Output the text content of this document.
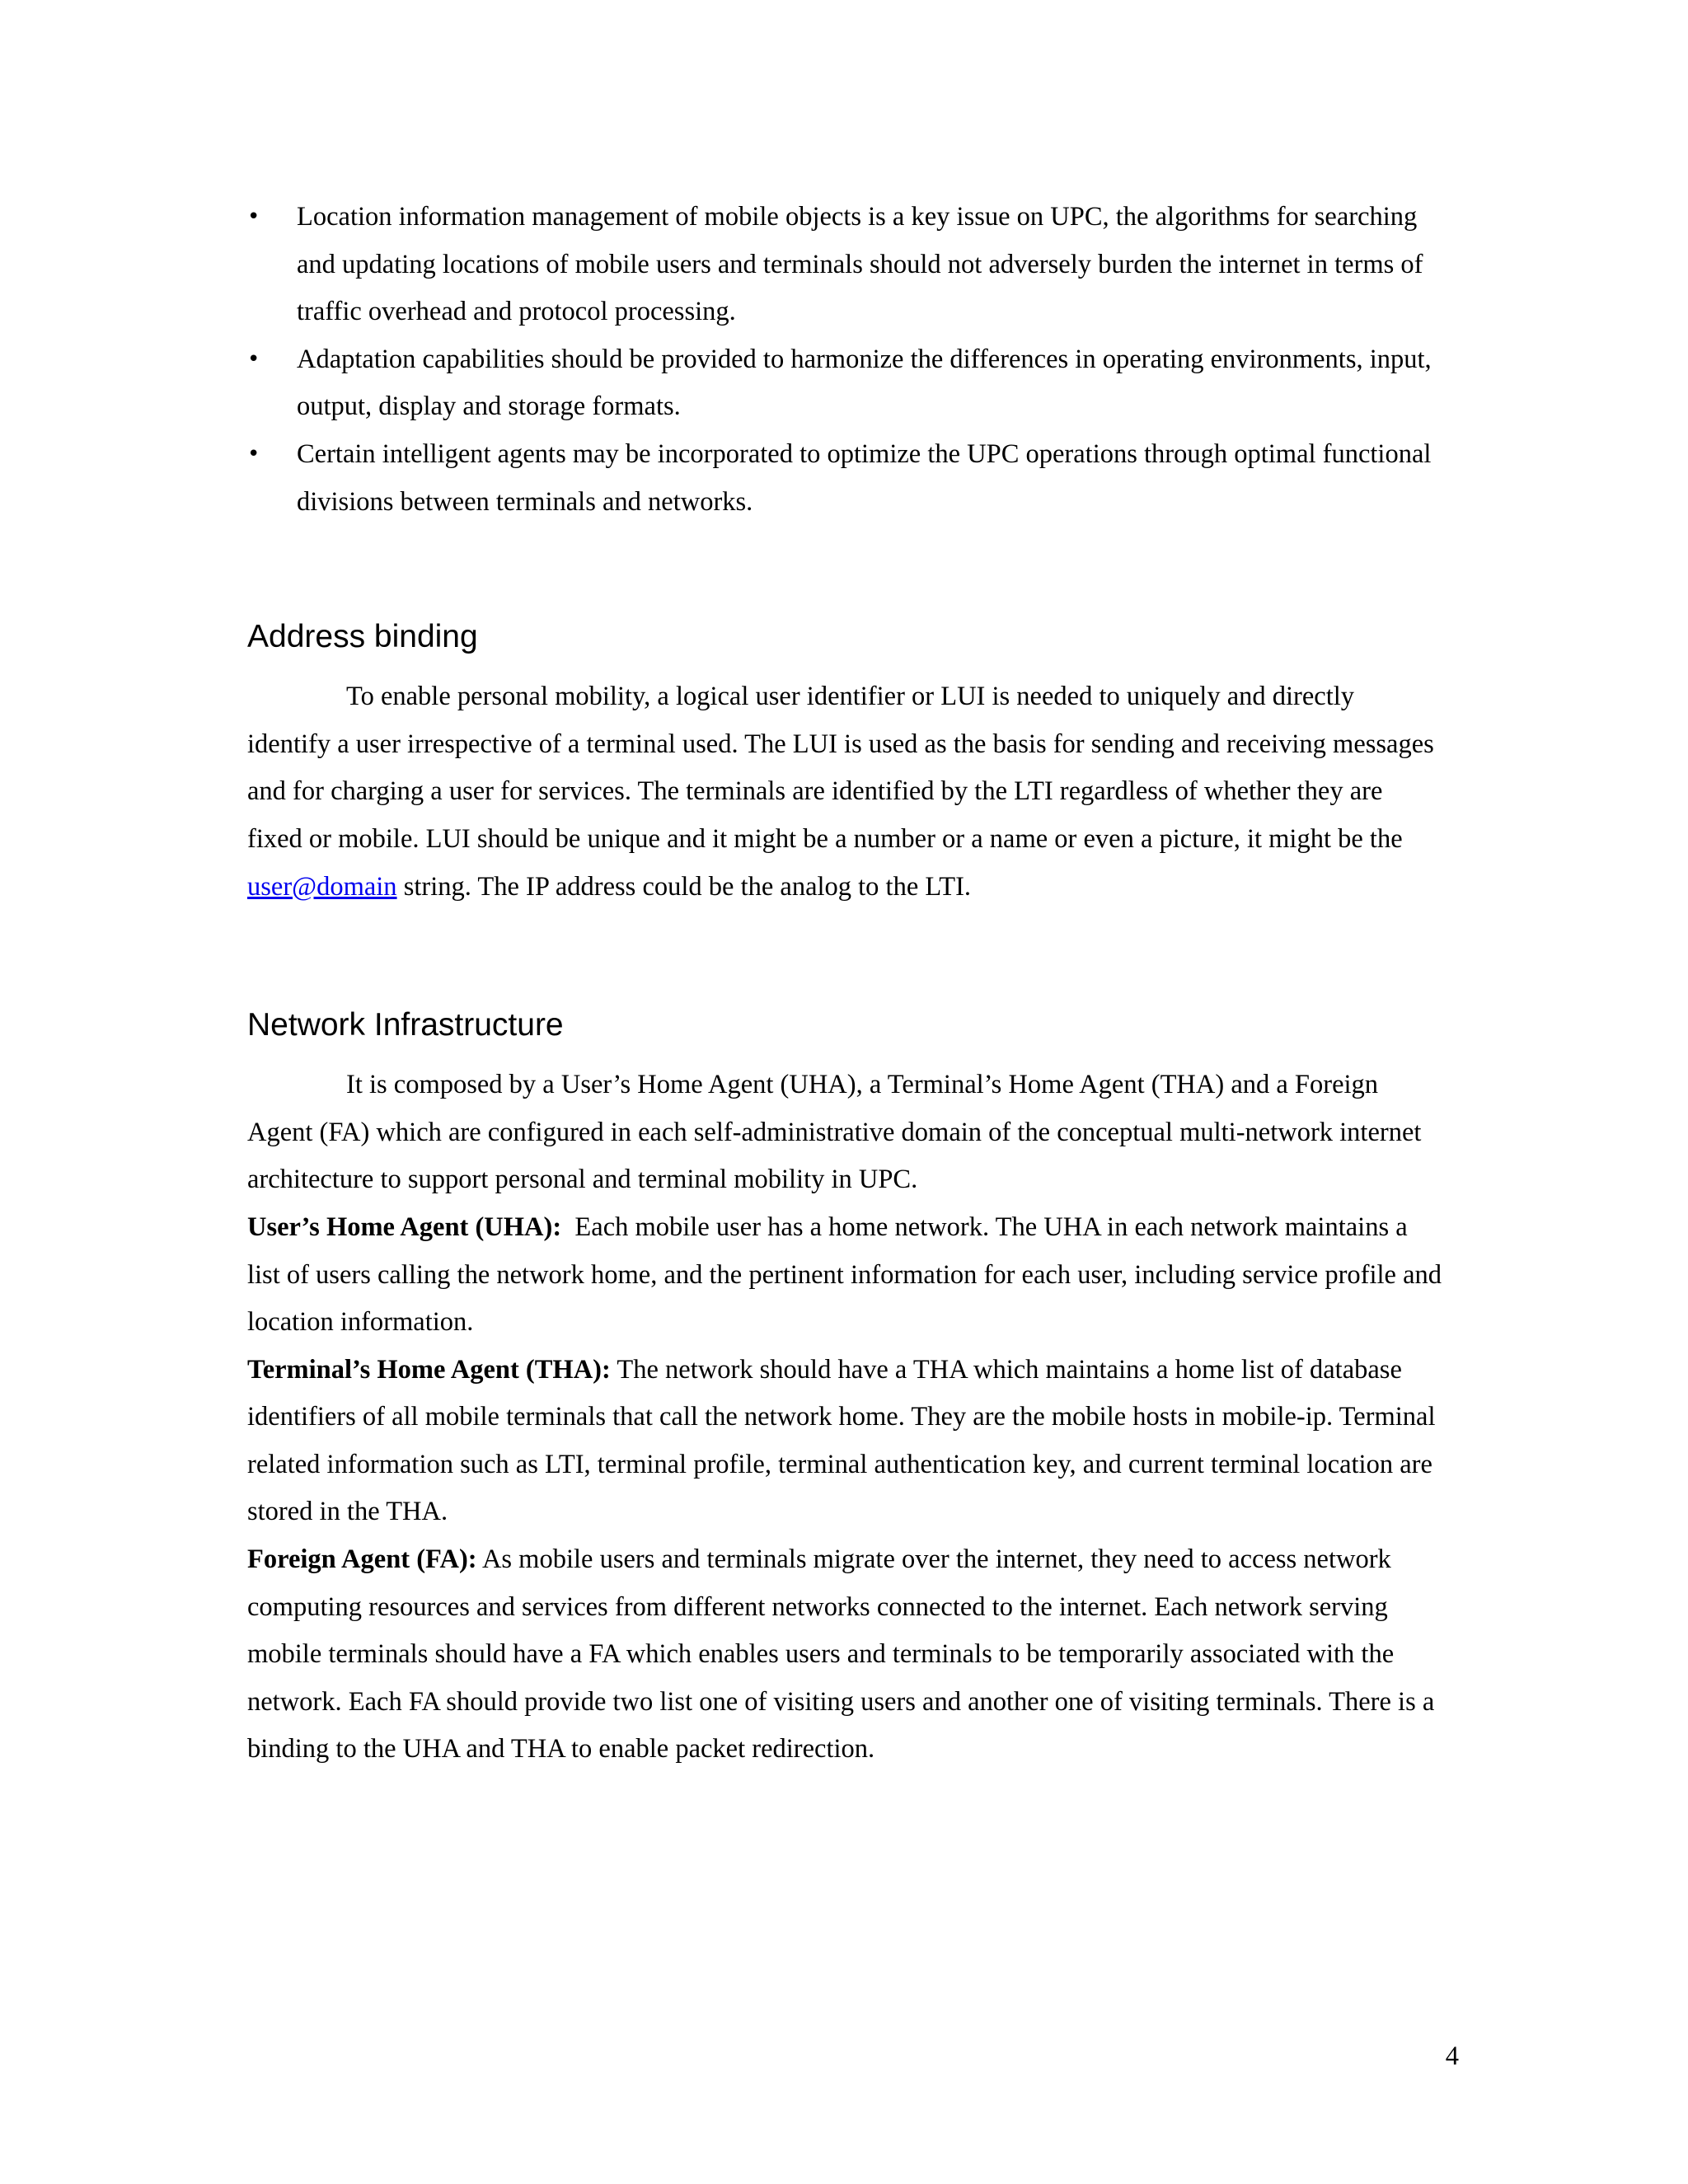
• Location information management of mobile objects is a key issue on UPC, the algorithms for searching and updating locations of mobile users and terminals should not adversely burden the internet in terms of traffic overhead and protocol processing.
• Adaptation capabilities should be provided to harmonize the differences in operating environments, input, output, display and storage formats.
• Certain intelligent agents may be incorporated to optimize the UPC operations through optimal functional divisions between terminals and networks.
Address binding

To enable personal mobility, a logical user identifier or LUI is needed to uniquely and directly identify a user irrespective of a terminal used. The LUI is used as the basis for sending and receiving messages and for charging a user for services. The terminals are identified by the LTI regardless of whether they are fixed or mobile. LUI should be unique and it might be a number or a name or even a picture, it might be the user@domain string. The IP address could be the analog to the LTI.

Network Infrastructure

It is composed by a User’s Home Agent (UHA), a Terminal’s Home Agent (THA) and a Foreign Agent (FA) which are configured in each self-administrative domain of the conceptual multi-network internet architecture to support personal and terminal mobility in UPC.

User’s Home Agent (UHA):  Each mobile user has a home network. The UHA in each network maintains a list of users calling the network home, and the pertinent information for each user, including service profile and location information.

Terminal’s Home Agent (THA): The network should have a THA which maintains a home list of database identifiers of all mobile terminals that call the network home. They are the mobile hosts in mobile-ip. Terminal related information such as LTI, terminal profile, terminal authentication key, and current terminal location are stored in the THA.

Foreign Agent (FA): As mobile users and terminals migrate over the internet, they need to access network computing resources and services from different networks connected to the internet. Each network serving mobile terminals should have a FA which enables users and terminals to be temporarily associated with the network. Each FA should provide two list one of visiting users and another one of visiting terminals. There is a binding to the UHA and THA to enable packet redirection.

4
